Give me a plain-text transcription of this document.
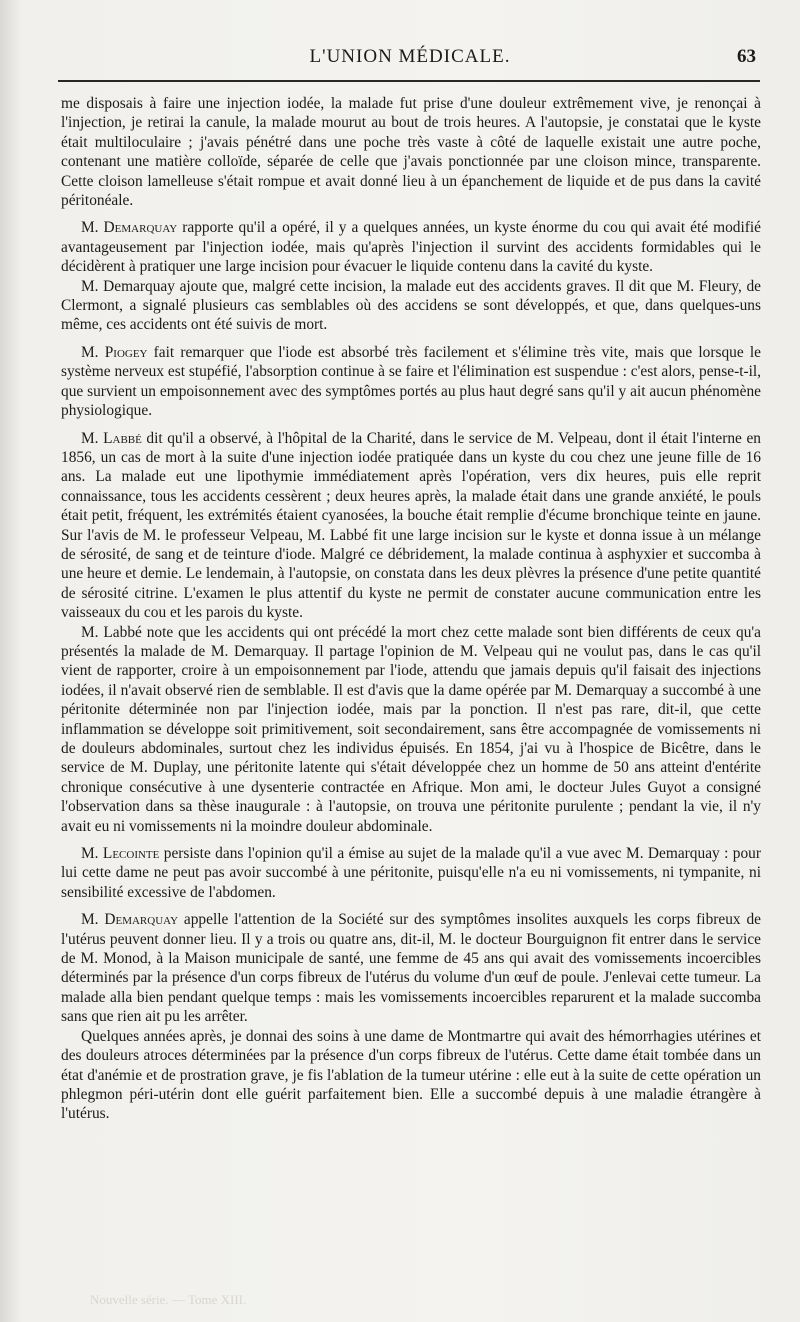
L'UNION MÉDICALE.	63

me disposais à faire une injection iodée, la malade fut prise d'une douleur extrêmement vive, je renonçai à l'injection, je retirai la canule, la malade mourut au bout de trois heures. A l'autopsie, je constatai que le kyste était multiloculaire ; j'avais pénétré dans une poche très vaste à côté de laquelle existait une autre poche, contenant une matière colloïde, séparée de celle que j'avais ponctionnée par une cloison mince, transparente. Cette cloison lamelleuse s'était rompue et avait donné lieu à un épanchement de liquide et de pus dans la cavité péritonéale.

M. Demarquay rapporte qu'il a opéré, il y a quelques années, un kyste énorme du cou qui avait été modifié avantageusement par l'injection iodée, mais qu'après l'injection il survint des accidents formidables qui le décidèrent à pratiquer une large incision pour évacuer le liquide contenu dans la cavité du kyste.

M. Demarquay ajoute que, malgré cette incision, la malade eut des accidents graves. Il dit que M. Fleury, de Clermont, a signalé plusieurs cas semblables où des accidens se sont développés, et que, dans quelques-uns même, ces accidents ont été suivis de mort.

M. Piogey fait remarquer que l'iode est absorbé très facilement et s'élimine très vite, mais que lorsque le système nerveux est stupéfié, l'absorption continue à se faire et l'élimination est suspendue : c'est alors, pense-t-il, que survient un empoisonnement avec des symptômes portés au plus haut degré sans qu'il y ait aucun phénomène physiologique.

M. Labbé dit qu'il a observé, à l'hôpital de la Charité, dans le service de M. Velpeau, dont il était l'interne en 1856, un cas de mort à la suite d'une injection iodée pratiquée dans un kyste du cou chez une jeune fille de 16 ans. La malade eut une lipothymie immédiatement après l'opération, vers dix heures, puis elle reprit connaissance, tous les accidents cessèrent ; deux heures après, la malade était dans une grande anxiété, le pouls était petit, fréquent, les extrémités étaient cyanosées, la bouche était remplie d'écume bronchique teinte en jaune. Sur l'avis de M. le professeur Velpeau, M. Labbé fit une large incision sur le kyste et donna issue à un mélange de sérosité, de sang et de teinture d'iode. Malgré ce débridement, la malade continua à asphyxier et succomba à une heure et demie. Le lendemain, à l'autopsie, on constata dans les deux plèvres la présence d'une petite quantité de sérosité citrine. L'examen le plus attentif du kyste ne permit de constater aucune communication entre les vaisseaux du cou et les parois du kyste.

M. Labbé note que les accidents qui ont précédé la mort chez cette malade sont bien différents de ceux qu'a présentés la malade de M. Demarquay. Il partage l'opinion de M. Velpeau qui ne voulut pas, dans le cas qu'il vient de rapporter, croire à un empoisonnement par l'iode, attendu que jamais depuis qu'il faisait des injections iodées, il n'avait observé rien de semblable. Il est d'avis que la dame opérée par M. Demarquay a succombé à une péritonite déterminée non par l'injection iodée, mais par la ponction. Il n'est pas rare, dit-il, que cette inflammation se développe soit primitivement, soit secondairement, sans être accompagnée de vomissements ni de douleurs abdominales, surtout chez les individus épuisés. En 1854, j'ai vu à l'hospice de Bicêtre, dans le service de M. Duplay, une péritonite latente qui s'était développée chez un homme de 50 ans atteint d'entérite chronique consécutive à une dysenterie contractée en Afrique. Mon ami, le docteur Jules Guyot a consigné l'observation dans sa thèse inaugurale : à l'autopsie, on trouva une péritonite purulente ; pendant la vie, il n'y avait eu ni vomissements ni la moindre douleur abdominale.

M. Lecointe persiste dans l'opinion qu'il a émise au sujet de la malade qu'il a vue avec M. Demarquay : pour lui cette dame ne peut pas avoir succombé à une péritonite, puisqu'elle n'a eu ni vomissements, ni tympanite, ni sensibilité excessive de l'abdomen.

M. Demarquay appelle l'attention de la Société sur des symptômes insolites auxquels les corps fibreux de l'utérus peuvent donner lieu. Il y a trois ou quatre ans, dit-il, M. le docteur Bourguignon fit entrer dans le service de M. Monod, à la Maison municipale de santé, une femme de 45 ans qui avait des vomissements incoercibles déterminés par la présence d'un corps fibreux de l'utérus du volume d'un œuf de poule. J'enlevai cette tumeur. La malade alla bien pendant quelque temps : mais les vomissements incoercibles reparurent et la malade succomba sans que rien ait pu les arrêter.

Quelques années après, je donnai des soins à une dame de Montmartre qui avait des hémorrhagies utérines et des douleurs atroces déterminées par la présence d'un corps fibreux de l'utérus. Cette dame était tombée dans un état d'anémie et de prostration grave, je fis l'ablation de la tumeur utérine : elle eut à la suite de cette opération un phlegmon péri-utérin dont elle guérit parfaitement bien. Elle a succombé depuis à une maladie étrangère à l'utérus.

Nouvelle série. — Tome XIII.
